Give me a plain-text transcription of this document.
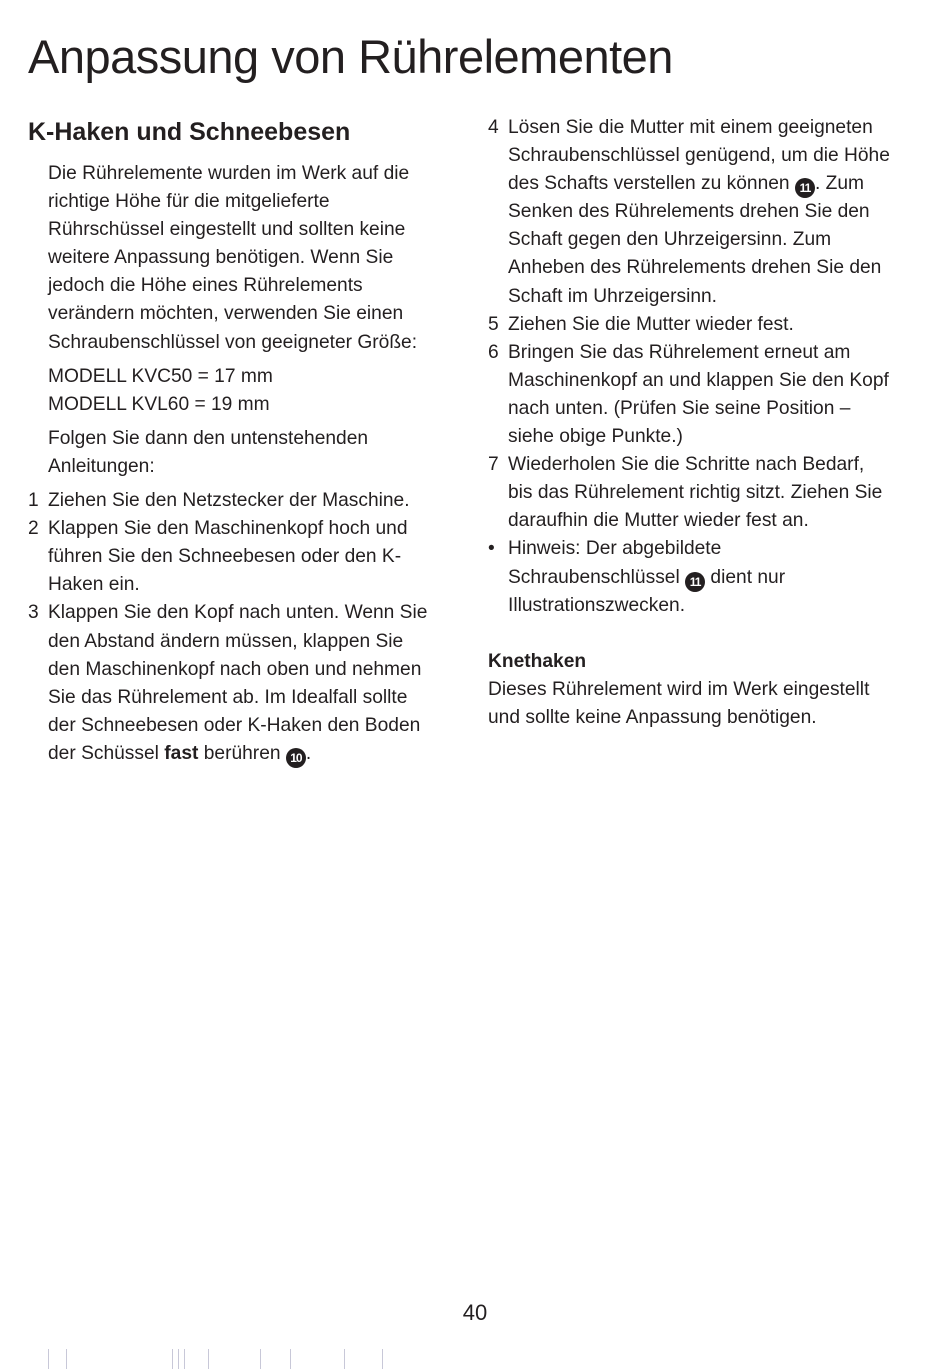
Anpassung von Rührelementen
K-Haken und Schneebesen

Die Rührelemente wurden im Werk auf die richtige Höhe für die mitgelieferte Rührschüssel eingestellt und sollten keine weitere Anpassung benötigen. Wenn Sie jedoch die Höhe eines Rührelements verändern möchten, verwenden Sie einen Schraubenschlüssel von geeigneter Größe:

MODELL KVC50 = 17 mm

MODELL KVL60 = 19 mm

Folgen Sie dann den untenstehenden Anleitungen:

1 Ziehen Sie den Netzstecker der Maschine.
2 Klappen Sie den Maschinenkopf hoch und führen Sie den Schneebesen oder den K-Haken ein.
3 Klappen Sie den Kopf nach unten. Wenn Sie den Abstand ändern müssen, klappen Sie den Maschinenkopf nach oben und nehmen Sie das Rührelement ab. Im Idealfall sollte der Schneebesen oder K-Haken den Boden der Schüssel fast berühren 10 .
4 Lösen Sie die Mutter mit einem geeigneten Schraubenschlüssel genügend, um die Höhe des Schafts verstellen zu können 11 . Zum Senken des Rührelements drehen Sie den Schaft gegen den Uhrzeigersinn. Zum Anheben des Rührelements drehen Sie den Schaft im Uhrzeigersinn.
5 Ziehen Sie die Mutter wieder fest.
6 Bringen Sie das Rührelement erneut am Maschinenkopf an und klappen Sie den Kopf nach unten. (Prüfen Sie seine Position – siehe obige Punkte.)
7 Wiederholen Sie die Schritte nach Bedarf, bis das Rührelement richtig sitzt. Ziehen Sie daraufhin die Mutter wieder fest an.
• Hinweis: Der abgebildete Schraubenschlüssel 11 dient nur Illustrationszwecken.

Knethaken

Dieses Rührelement wird im Werk eingestellt und sollte keine Anpassung benötigen.

40
